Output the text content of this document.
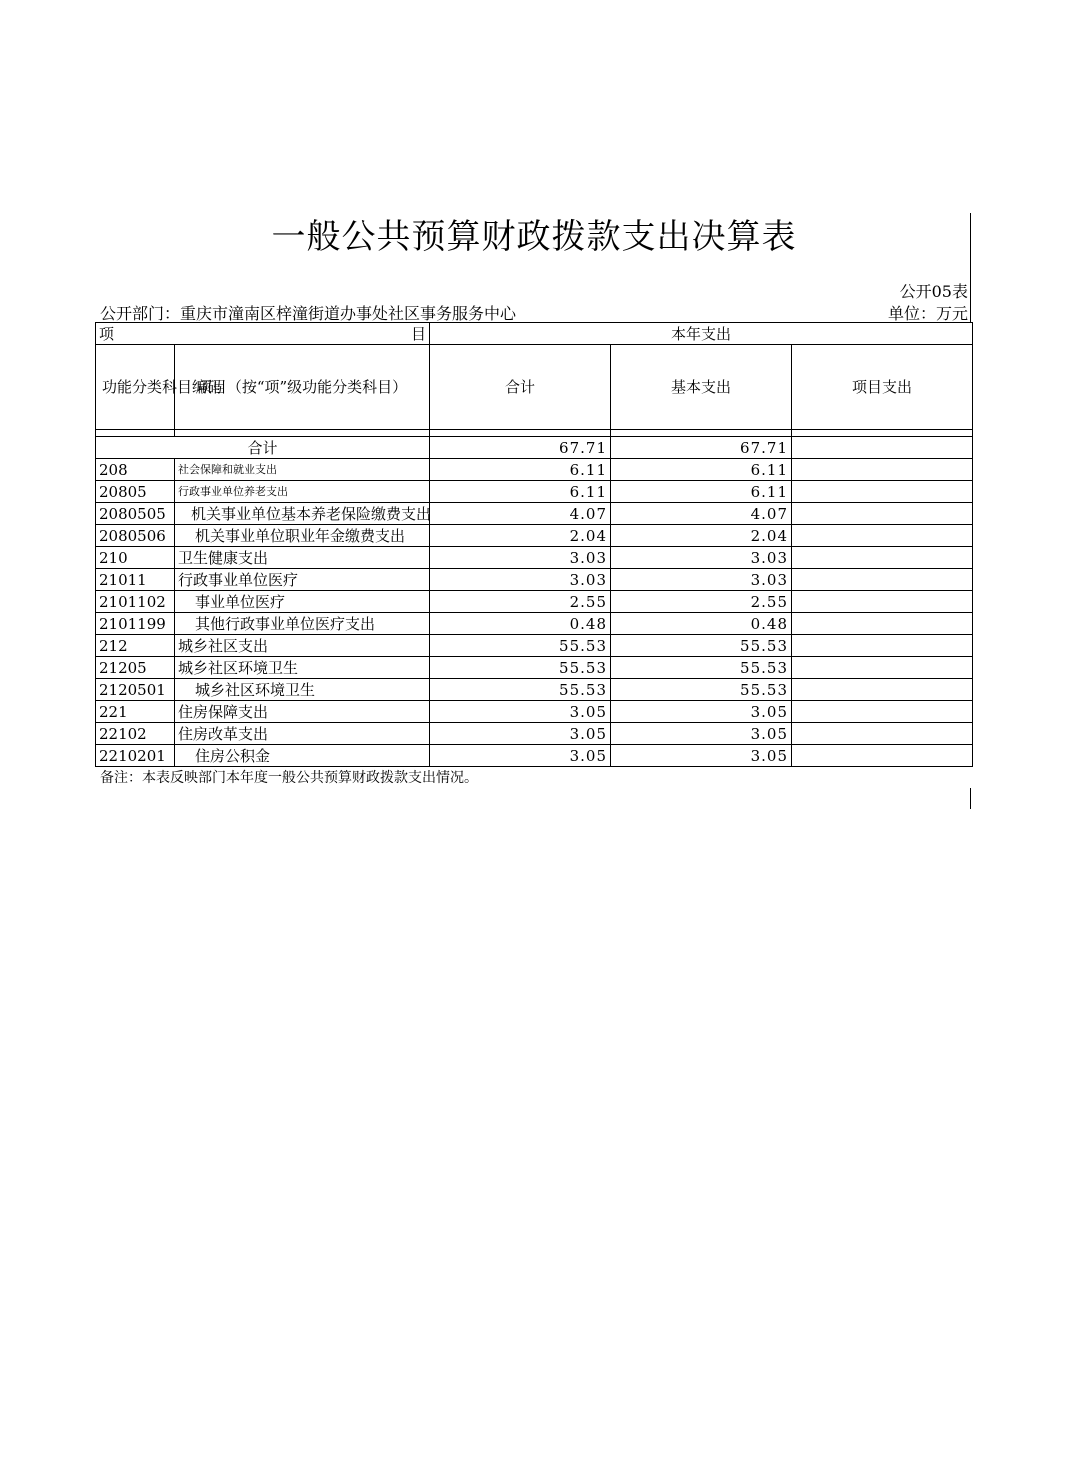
一般公共预算财政拨款支出决算表
公开05表
公开部门：重庆市潼南区梓潼街道办事处社区事务服务中心	单位：万元
项 目		本年支出		
功能分类科目编码	项目（按“项”级功能分类科目）	合计	基本支出	项目支出

合计		67.71	67.71	
208	社会保障和就业支出	6.11	6.11	
20805	行政事业单位养老支出	6.11	6.11	
2080505	机关事业单位基本养老保险缴费支出	4.07	4.07	
2080506	机关事业单位职业年金缴费支出	2.04	2.04	
210	卫生健康支出	3.03	3.03	
21011	行政事业单位医疗	3.03	3.03	
2101102	事业单位医疗	2.55	2.55	
2101199	其他行政事业单位医疗支出	0.48	0.48	
212	城乡社区支出	55.53	55.53	
21205	城乡社区环境卫生	55.53	55.53	
2120501	城乡社区环境卫生	55.53	55.53	
221	住房保障支出	3.05	3.05	
22102	住房改革支出	3.05	3.05	
2210201	住房公积金	3.05	3.05	
备注：本表反映部门本年度一般公共预算财政拨款支出情况。
